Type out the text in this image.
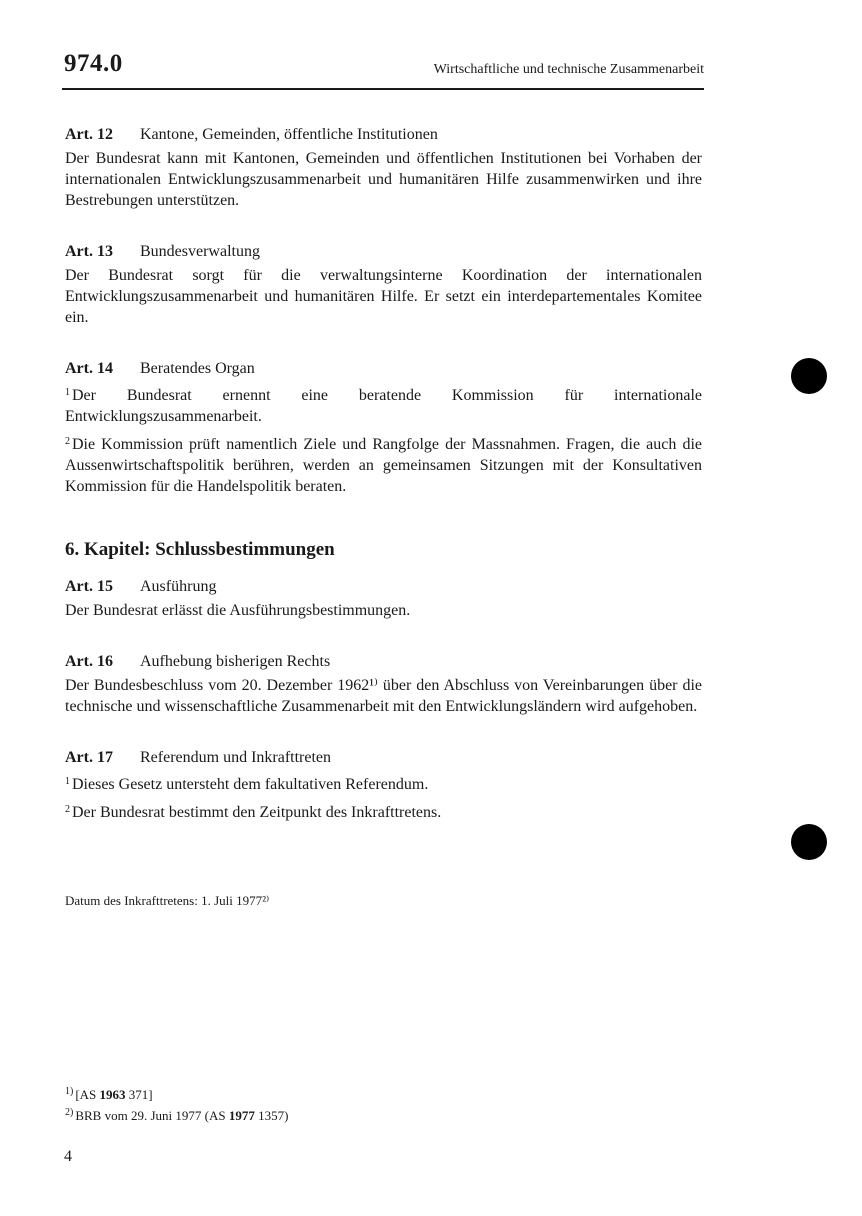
974.0	Wirtschaftliche und technische Zusammenarbeit
Art. 12 Kantone, Gemeinden, öffentliche Institutionen

Der Bundesrat kann mit Kantonen, Gemeinden und öffentlichen Institutionen bei Vorhaben der internationalen Entwicklungszusammenarbeit und humanitären Hilfe zusammenwirken und ihre Bestrebungen unterstützen.

Art. 13 Bundesverwaltung

Der Bundesrat sorgt für die verwaltungsinterne Koordination der internationalen Entwicklungszusammenarbeit und humanitären Hilfe. Er setzt ein interdepartementales Komitee ein.

Art. 14 Beratendes Organ

$^1$ Der Bundesrat ernennt eine beratende Kommission für internationale Entwicklungszusammenarbeit.

$^2$ Die Kommission prüft namentlich Ziele und Rangfolge der Massnahmen. Fragen, die auch die Aussenwirtschaftspolitik berühren, werden an gemeinsamen Sitzungen mit der Konsultativen Kommission für die Handelspolitik beraten.

6. Kapitel: Schlussbestimmungen
Art. 15 Ausführung

Der Bundesrat erlässt die Ausführungsbestimmungen.

Art. 16 Aufhebung bisherigen Rechts

Der Bundesbeschluss vom 20. Dezember 1962¹⁾ über den Abschluss von Vereinbarungen über die technische und wissenschaftliche Zusammenarbeit mit den Entwicklungsländern wird aufgehoben.

Art. 17 Referendum und Inkrafttreten

$^1$ Dieses Gesetz untersteht dem fakultativen Referendum.

$^2$ Der Bundesrat bestimmt den Zeitpunkt des Inkrafttretens.

Datum des Inkrafttretens: 1. Juli 1977²⁾
$^{1)}$ [AS 1963 371]
$^{2)}$ BRB vom 29. Juni 1977 (AS 1977 1357)
4
